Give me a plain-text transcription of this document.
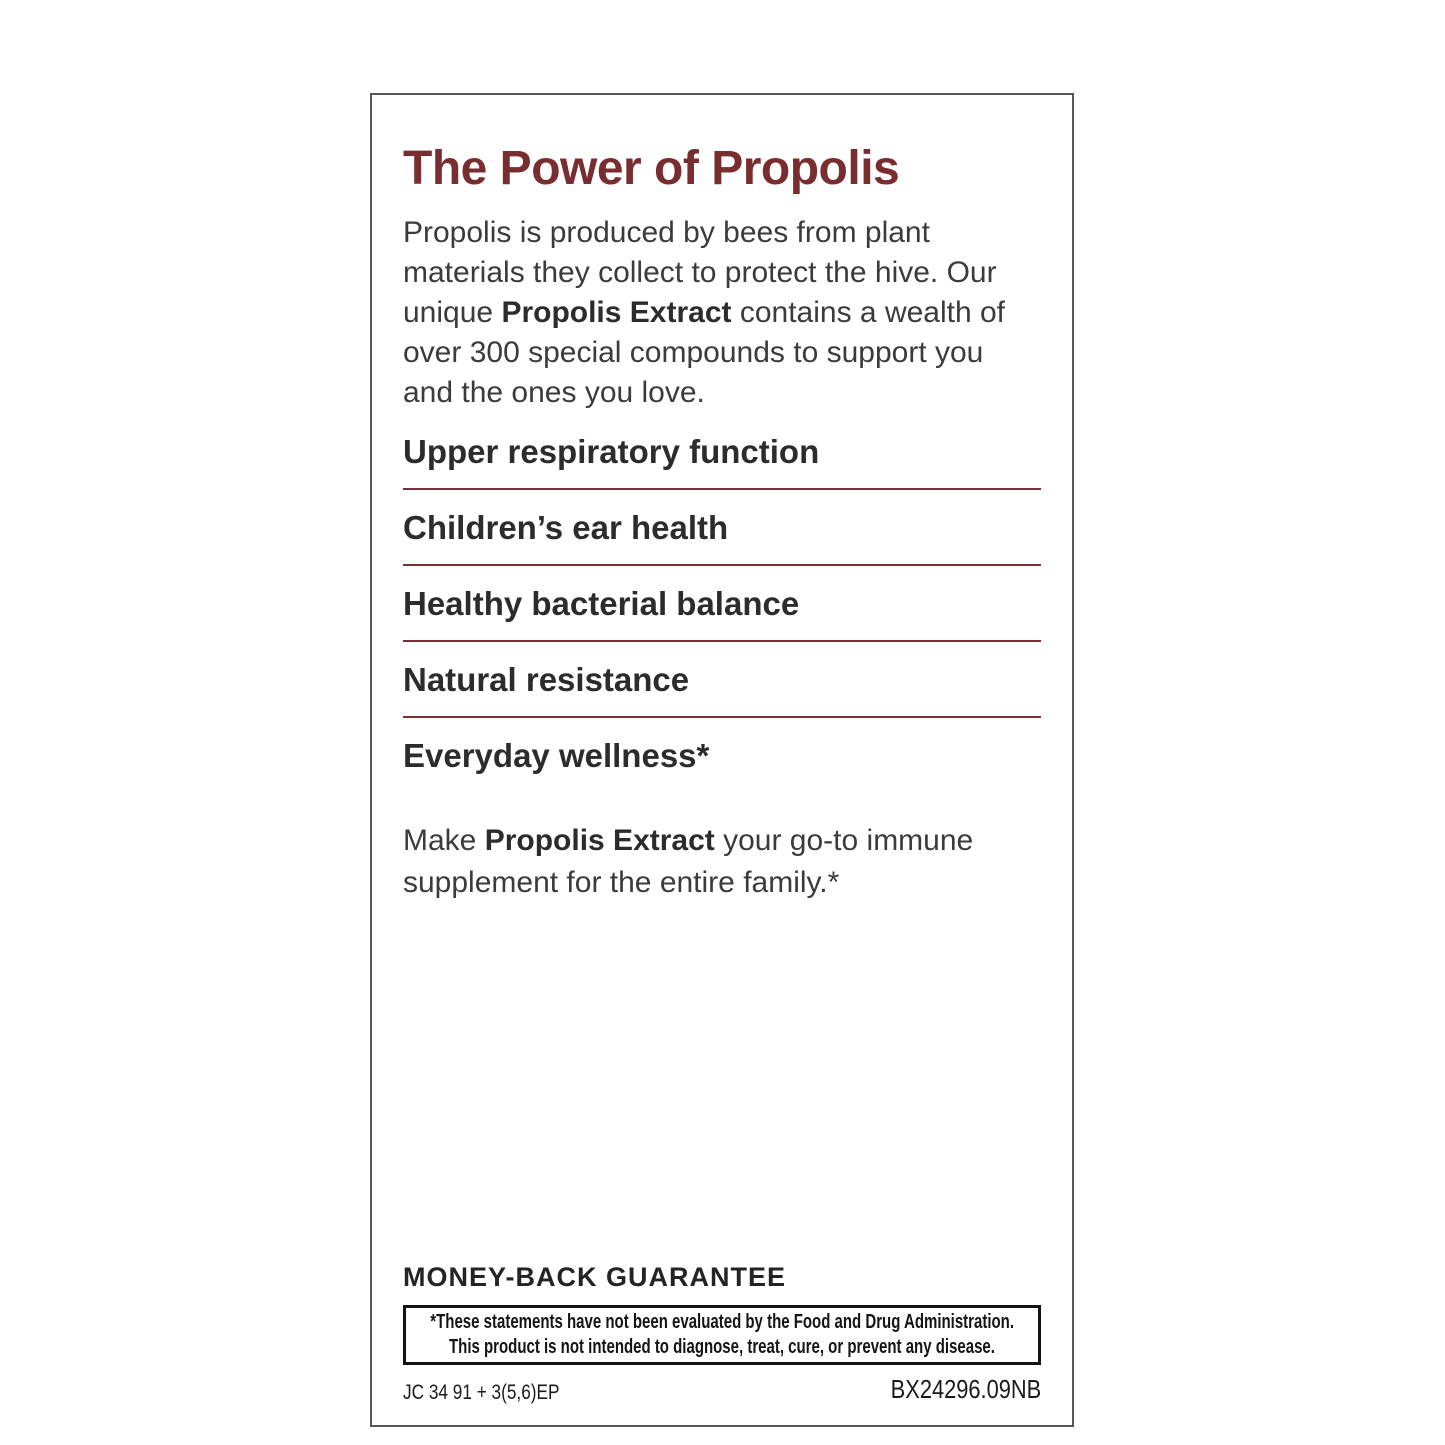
The Power of Propolis

Propolis is produced by bees from plant materials they collect to protect the hive. Our unique Propolis Extract contains a wealth of over 300 special compounds to support you and the ones you love.

Upper respiratory function
Children’s ear health
Healthy bacterial balance
Natural resistance
Everyday wellness*

Make Propolis Extract your go-to immune supplement for the entire family.*

MONEY-BACK GUARANTEE
*These statements have not been evaluated by the Food and Drug Administration.
This product is not intended to diagnose, treat, cure, or prevent any disease.
JC 34 91 + 3(5,6)EP	BX24296.09NB
